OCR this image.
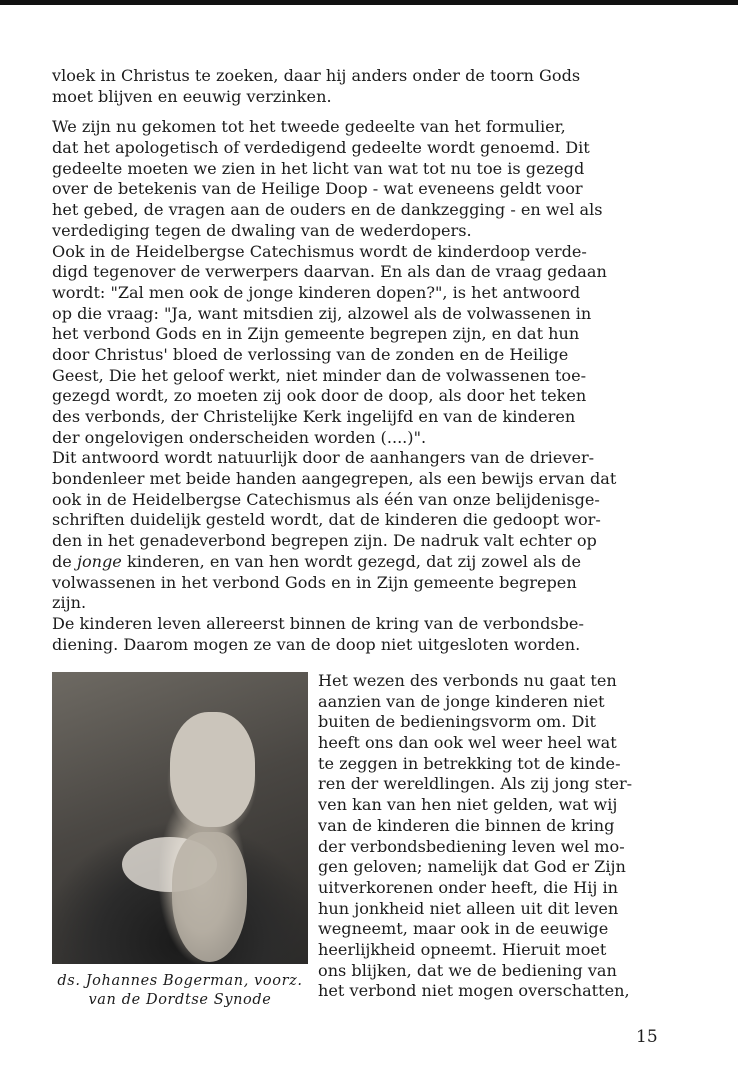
vloek in Christus te zoeken, daar hij anders onder de toorn Gods
moet blijven en eeuwig verzinken.
We zijn nu gekomen tot het tweede gedeelte van het formulier,
dat het apologetisch of verdedigend gedeelte wordt genoemd. Dit
gedeelte moeten we zien in het licht van wat tot nu toe is gezegd
over de betekenis van de Heilige Doop - wat eveneens geldt voor
het gebed, de vragen aan de ouders en de dankzegging - en wel als
verdediging tegen de dwaling van de wederdopers.
Ook in de Heidelbergse Catechismus wordt de kinderdoop verde-
digd tegenover de verwerpers daarvan. En als dan de vraag gedaan
wordt: "Zal men ook de jonge kinderen dopen?", is het antwoord
op die vraag: "Ja, want mitsdien zij, alzowel als de volwassenen in
het verbond Gods en in Zijn gemeente begrepen zijn, en dat hun
door Christus' bloed de verlossing van de zonden en de Heilige
Geest, Die het geloof werkt, niet minder dan de volwassenen toe-
gezegd wordt, zo moeten zij ook door de doop, als door het teken
des verbonds, der Christelijke Kerk ingelijfd en van de kinderen
der ongelovigen onderscheiden worden (....)".
Dit antwoord wordt natuurlijk door de aanhangers van de driever-
bondenleer met beide handen aangegrepen, als een bewijs ervan dat
ook in de Heidelbergse Catechismus als één van onze belijdenisge-
schriften duidelijk gesteld wordt, dat de kinderen die gedoopt wor-
den in het genadeverbond begrepen zijn. De nadruk valt echter op
de jonge kinderen, en van hen wordt gezegd, dat zij zowel als de
volwassenen in het verbond Gods en in Zijn gemeente begrepen
zijn.
De kinderen leven allereerst binnen de kring van de verbondsbe-
diening. Daarom mogen ze van de doop niet uitgesloten worden.
Het wezen des verbonds nu gaat ten
aanzien van de jonge kinderen niet
buiten de bedieningsvorm om. Dit
heeft ons dan ook wel weer heel wat
te zeggen in betrekking tot de kinde-
ren der wereldlingen. Als zij jong ster-
ven kan van hen niet gelden, wat wij
van de kinderen die binnen de kring
der verbondsbediening leven wel mo-
gen geloven; namelijk dat God er Zijn
uitverkorenen onder heeft, die Hij in
hun jonkheid niet alleen uit dit leven
wegneemt, maar ook in de eeuwige
heerlijkheid opneemt. Hieruit moet
ons blijken, dat we de bediening van
het verbond niet mogen overschatten,
ds. Johannes Bogerman, voorz.
van de Dordtse Synode
15
